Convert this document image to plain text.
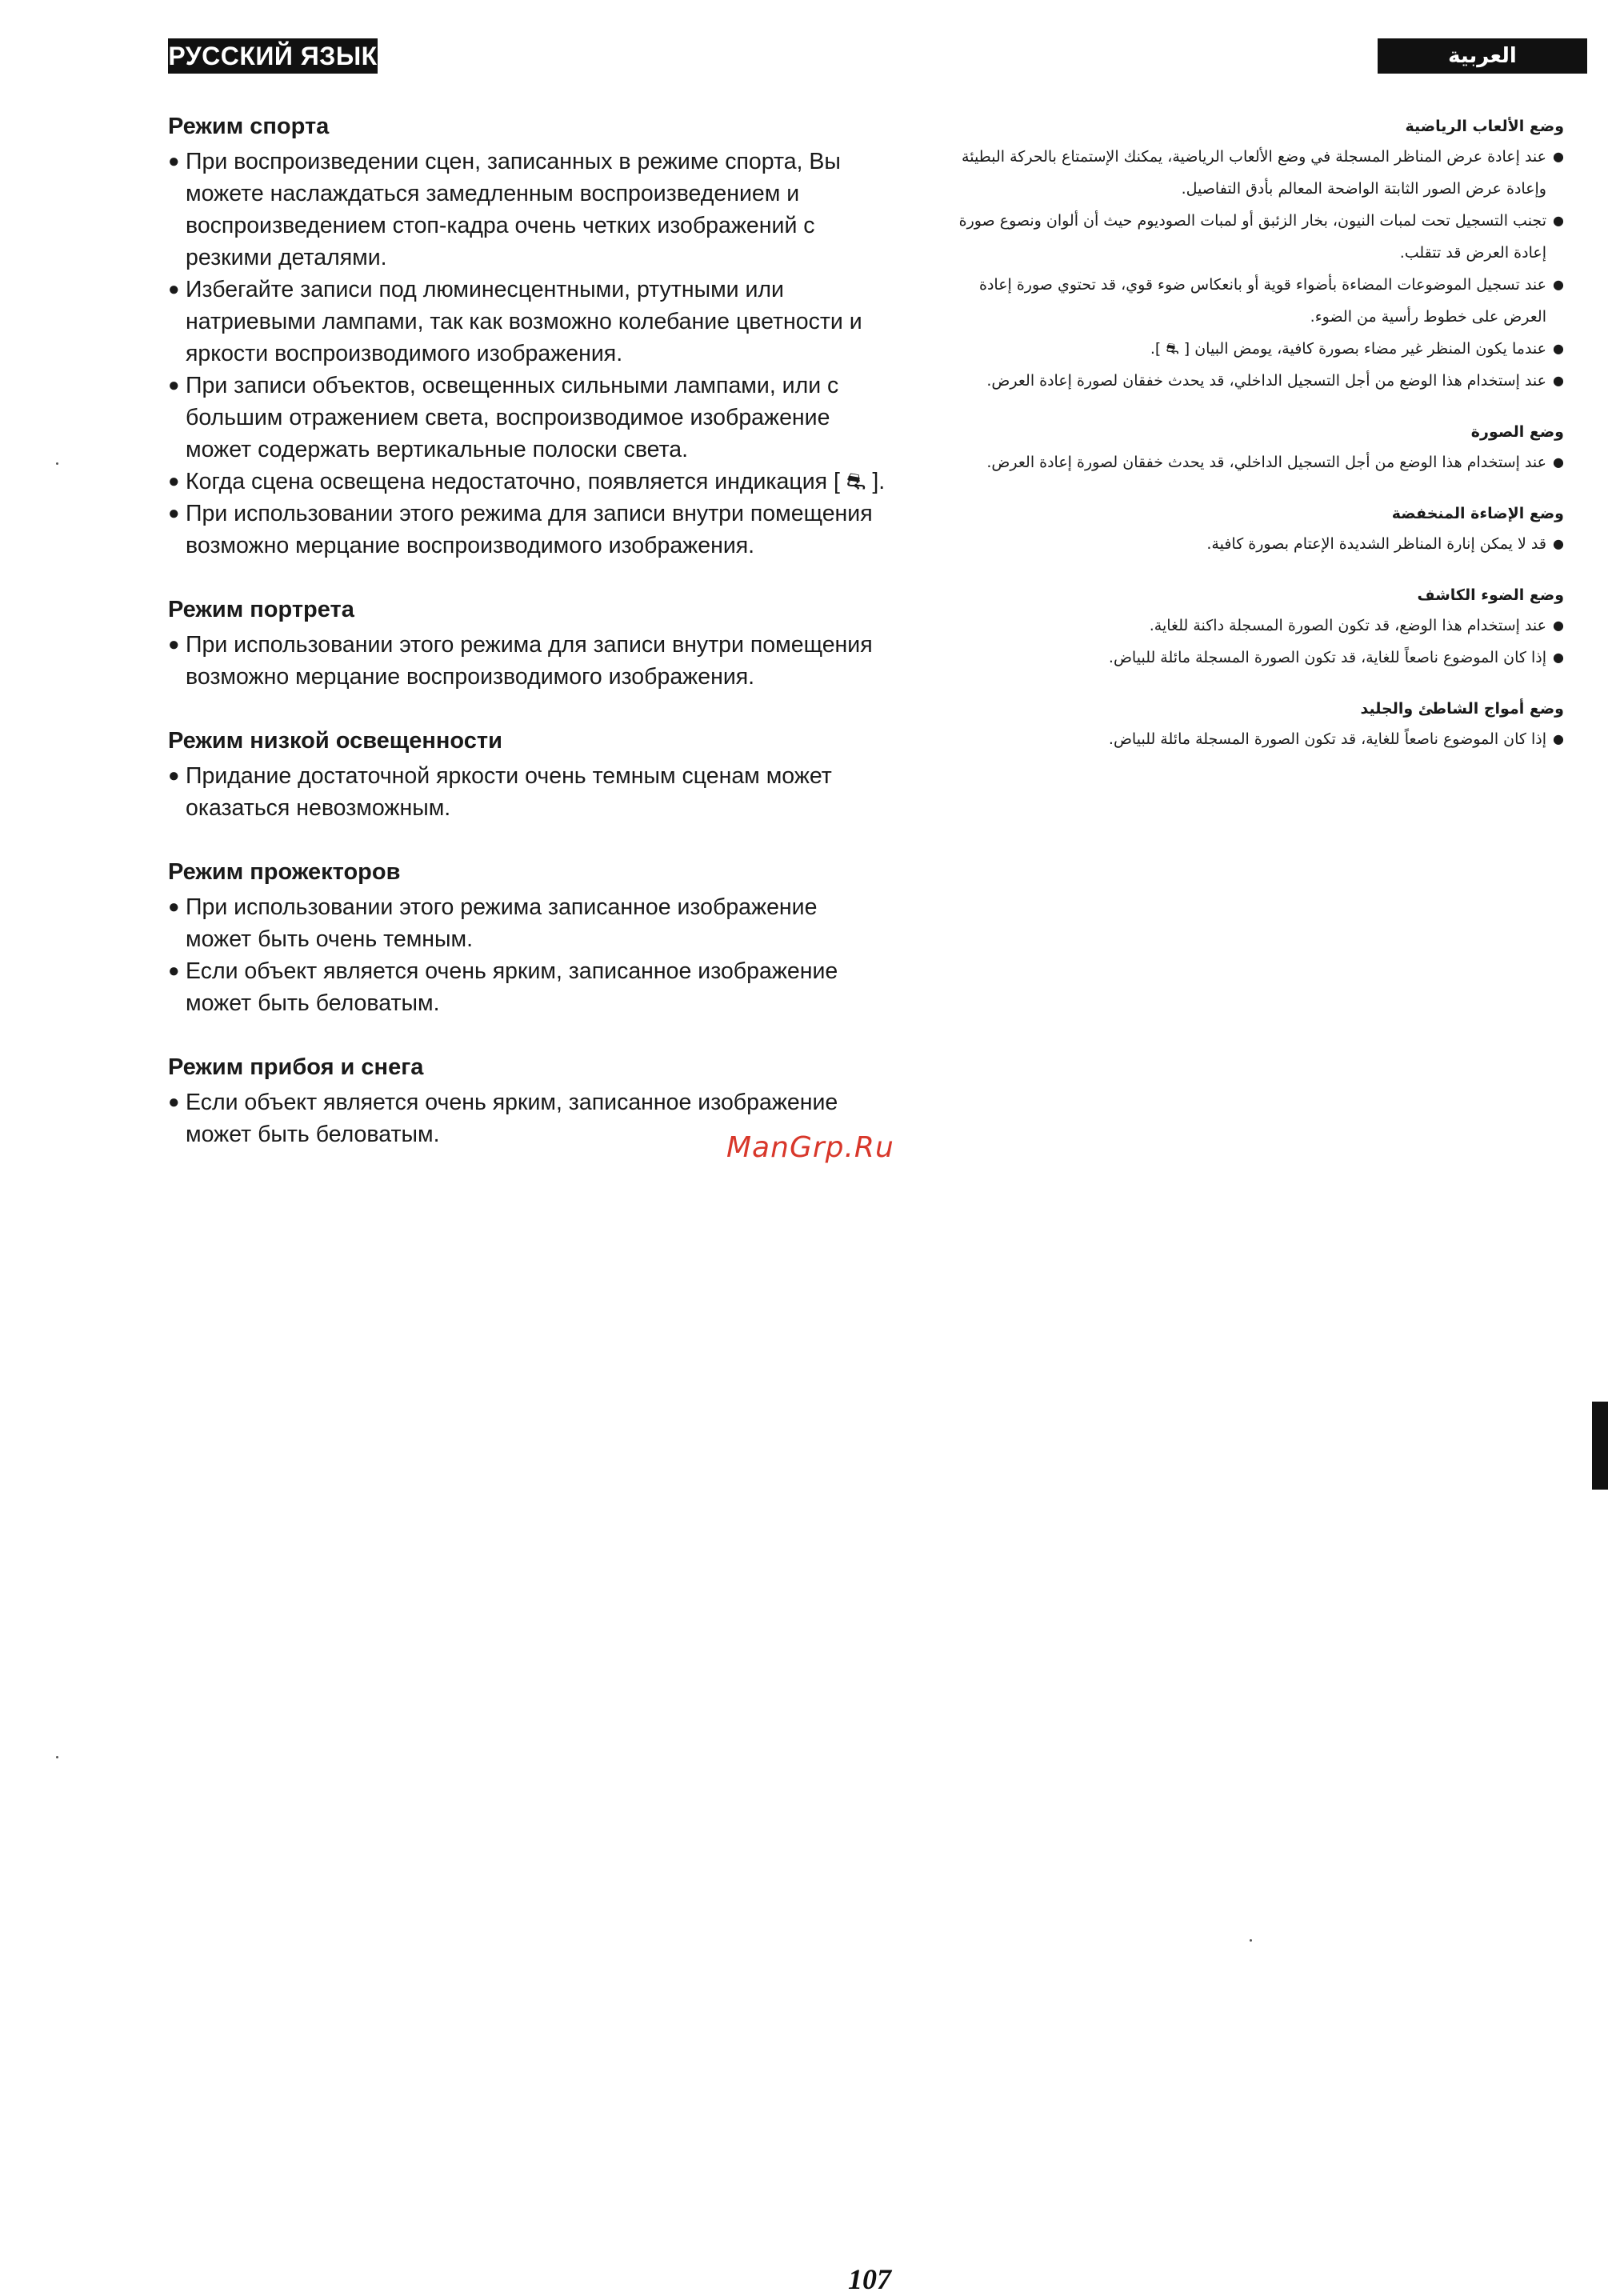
РУССКИЙ ЯЗЫК	العربية
Режим спорта
● При воспроизведении сцен, записанных в режиме спорта, Вы можете наслаждаться замедленным воспроизведением и воспроизведением стоп-кадра очень четких изображений с резкими деталями.
● Избегайте записи под люминесцентными, ртутными или натриевыми лампами, так как возможно колебание цветности и яркости воспроизводимого изображения.
● При записи объектов, освещенных сильными лампами, или с большим отражением света, воспроизводимое изображение может содержать вертикальные полоски света.
● Когда сцена освещена недостаточно, появляется индикация [ ⛐ ].
● При использовании этого режима для записи внутри помещения возможно мерцание воспроизводимого изображения.
Режим портрета
● При использовании этого режима для записи внутри помещения возможно мерцание воспроизводимого изображения.
Режим низкой освещенности
● Придание достаточной яркости очень темным сценам может оказаться невозможным.
Режим прожекторов
● При использовании этого режима записанное изображение может быть очень темным.
● Если объект является очень ярким, записанное изображение может быть беловатым.
Режим прибоя и снега
● Если объект является очень ярким, записанное изображение может быть беловатым.
وضع الألعاب الرياضية
●
عند إعادة عرض المناظر المسجلة في وضع الألعاب الرياضية، يمكنك الإستمتاع بالحركة البطيئة وإعادة عرض الصور الثابتة الواضحة المعالم بأدق التفاصيل.
●
تجنب التسجيل تحت لمبات النيون، بخار الزئبق أو لمبات الصوديوم حيث أن ألوان ونصوع صورة إعادة العرض قد تتقلب.
●
عند تسجيل الموضوعات المضاءة بأضواء قوية أو بانعكاس ضوء قوي، قد تحتوي صورة إعادة العرض على خطوط رأسية من الضوء.
●
عندما يكون المنظر غير مضاء بصورة كافية، يومض البيان [ ⛐ ].
●
عند إستخدام هذا الوضع من أجل التسجيل الداخلي، قد يحدث خفقان لصورة إعادة العرض.
وضع الصورة
●
عند إستخدام هذا الوضع من أجل التسجيل الداخلي، قد يحدث خفقان لصورة إعادة العرض.
وضع الإضاءة المنخفضة
●
قد لا يمكن إنارة المناظر الشديدة الإعتام بصورة كافية.
وضع الضوء الكاشف
●
عند إستخدام هذا الوضع، قد تكون الصورة المسجلة داكنة للغاية.
●
إذا كان الموضوع ناصعاً للغاية، قد تكون الصورة المسجلة مائلة للبياض.
وضع أمواج الشاطئ والجليد
●
إذا كان الموضوع ناصعاً للغاية، قد تكون الصورة المسجلة مائلة للبياض.
ManGrp.Ru
107
